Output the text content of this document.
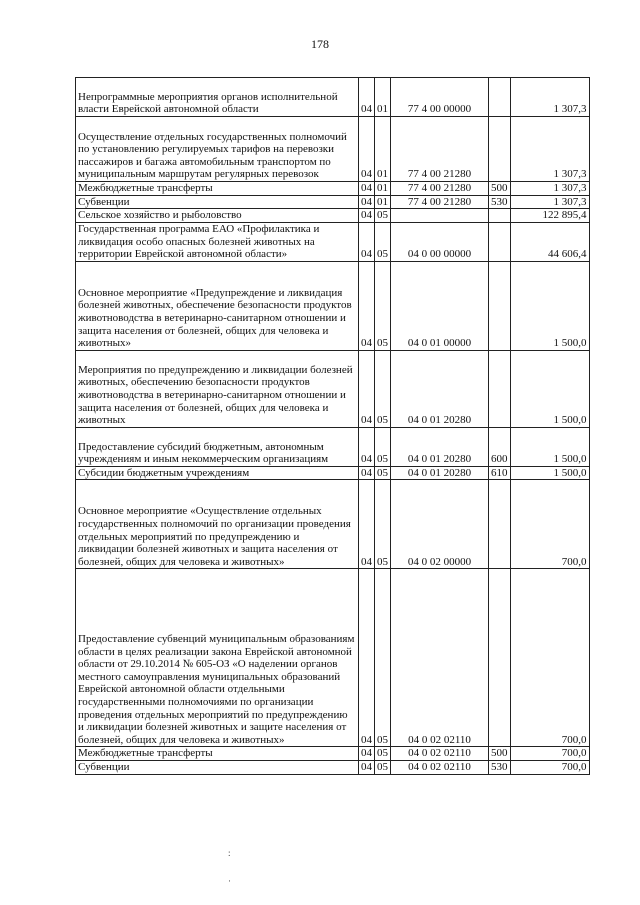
178
Непрограммные мероприятия органов исполнительной власти Еврейской автономной области	04	01	77 4 00 00000		1 307,3
Осуществление отдельных государственных полномочий по установлению регулируемых тарифов на перевозки пассажиров и багажа автомобильным транспортом по муниципальным маршрутам регулярных перевозок	04	01	77 4 00 21280		1 307,3
Межбюджетные трансферты	04	01	77 4 00 21280	500	1 307,3
Субвенции	04	01	77 4 00 21280	530	1 307,3
Сельское хозяйство и рыболовство	04	05			122 895,4
Государственная программа ЕАО «Профилактика и ликвидация особо опасных болезней животных на территории Еврейской автономной области»	04	05	04 0 00 00000		44 606,4
Основное мероприятие «Предупреждение и ликвидация болезней животных, обеспечение безопасности продуктов животноводства в ветеринарно-санитарном отношении и защита населения от болезней, общих для человека и животных»	04	05	04 0 01 00000		1 500,0
Мероприятия по предупреждению и ликвидации болезней животных, обеспечению безопасности продуктов животноводства в ветеринарно-санитарном отношении и защита населения от болезней, общих для человека и животных	04	05	04 0 01 20280		1 500,0
Предоставление субсидий бюджетным, автономным учреждениям и иным некоммерческим организациям	04	05	04 0 01 20280	600	1 500,0
Субсидии бюджетным учреждениям	04	05	04 0 01 20280	610	1 500,0
Основное мероприятие «Осуществление отдельных государственных полномочий по организации проведения отдельных мероприятий по предупреждению и ликвидации болезней животных и защита населения от болезней, общих для человека и животных»	04	05	04 0 02 00000		700,0
Предоставление субвенций муниципальным образованиям области в целях реализации закона Еврейской автономной области от 29.10.2014 № 605-ОЗ «О наделении органов местного самоуправления муниципальных образований Еврейской автономной области отдельными государственными полномочиями по организации проведения отдельных мероприятий по предупреждению и ликвидации болезней животных и защите населения от болезней, общих для человека и животных»	04	05	04 0 02 02110		700,0
Межбюджетные трансферты	04	05	04 0 02 02110	500	700,0
Субвенции	04	05	04 0 02 02110	530	700,0
:
·
